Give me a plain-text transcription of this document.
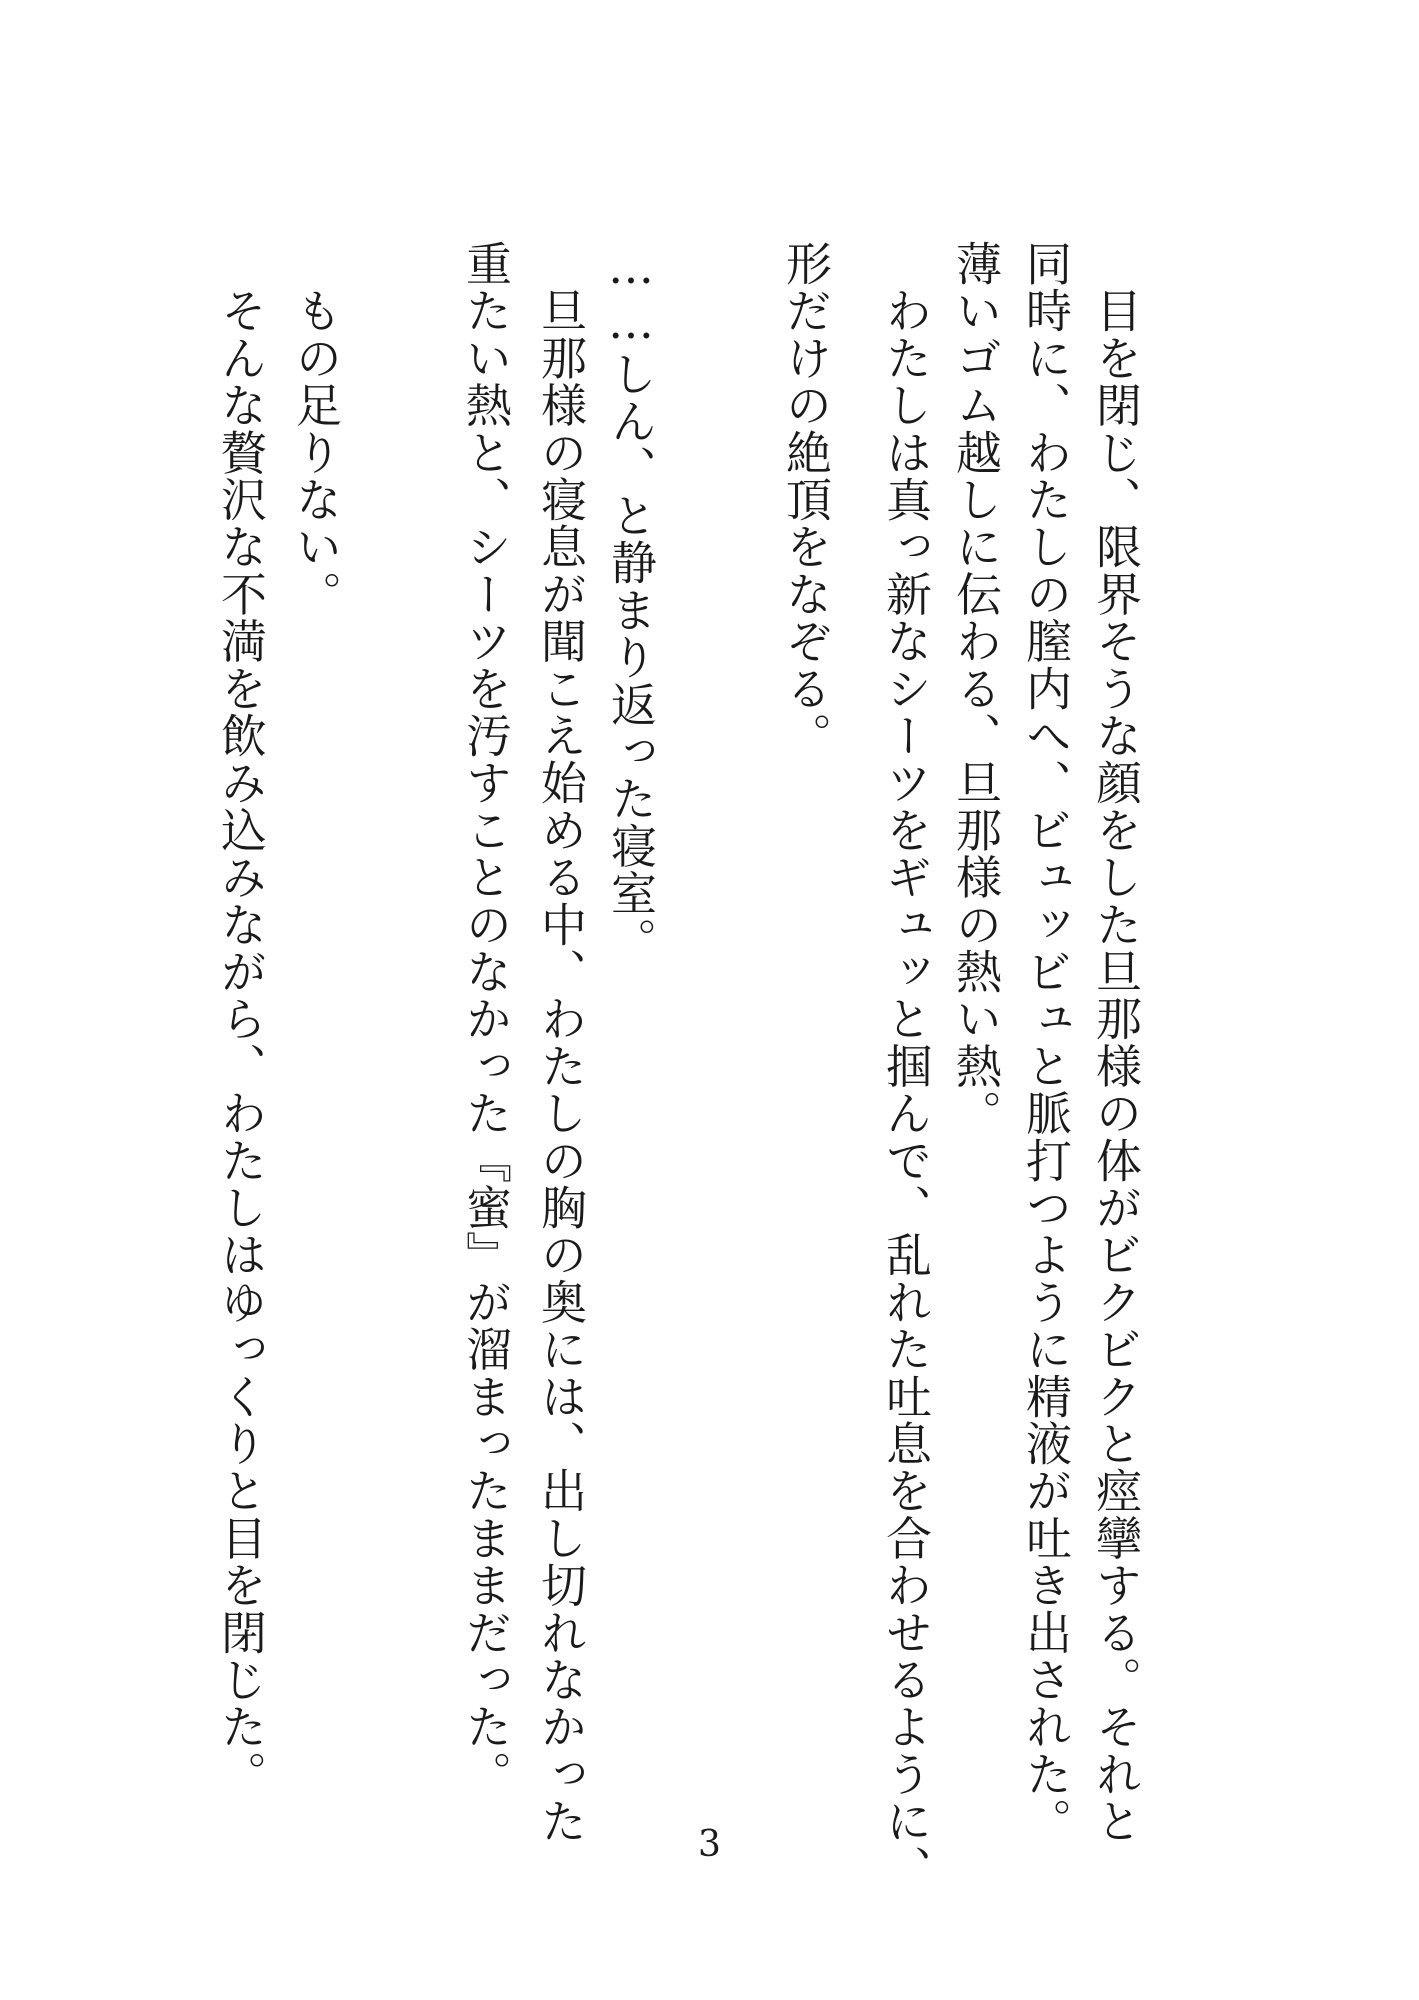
　目を閉じ、限界そうな顔をした旦那様の体がビクビクと痙攣する。それと
同時に、わたしの膣内へ、ビュッビュと脈打つように精液が吐き出された。
薄いゴム越しに伝わる、旦那様の熱い熱。
　わたしは真っ新なシーツをギュッと掴んで、乱れた吐息を合わせるように、
形だけの絶頂をなぞる。
……しん、と静まり返った寝室。
　旦那様の寝息が聞こえ始める中、わたしの胸の奥には、出し切れなかった
重たい熱と、シーツを汚すことのなかった『蜜』が溜まったままだった。
　もの足りない。
　そんな贅沢な不満を飲み込みながら、わたしはゆっくりと目を閉じた。
3
